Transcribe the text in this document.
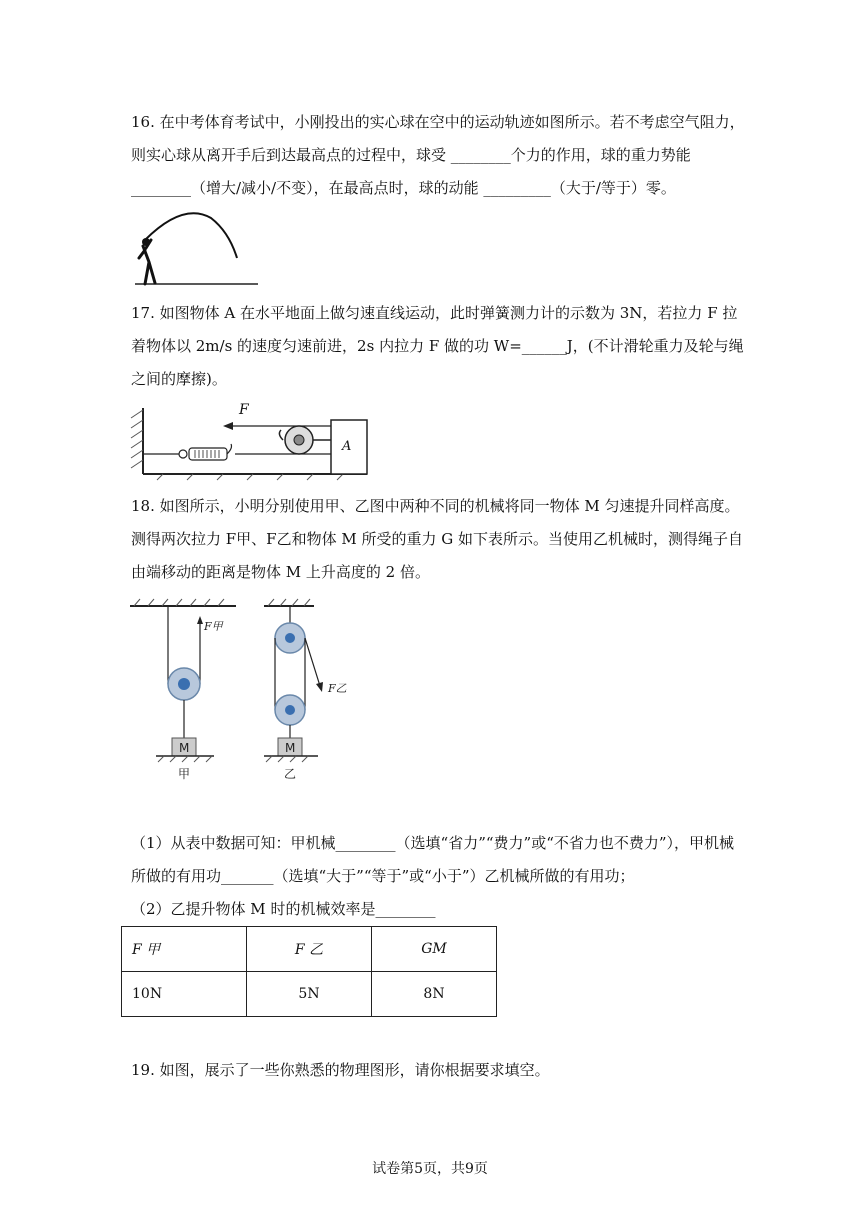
16. 在中考体育考试中，小刚投出的实心球在空中的运动轨迹如图所示。若不考虑空气阻力，
则实心球从离开手后到达最高点的过程中，球受 ________个力的作用，球的重力势能
________（增大/减小/不变），在最高点时，球的动能 _________（大于/等于）零。
17. 如图物体 A 在水平地面上做匀速直线运动，此时弹簧测力计的示数为 3N，若拉力 F 拉
着物体以 2m/s 的速度匀速前进，2s 内拉力 F 做的功 W=______J，(不计滑轮重力及轮与绳
之间的摩擦)。
F
A
18. 如图所示，小明分别使用甲、乙图中两种不同的机械将同一物体 M 匀速提升同样高度。
测得两次拉力 F甲、F乙和物体 M 所受的重力 G 如下表所示。当使用乙机械时，测得绳子自
由端移动的距离是物体 M 上升高度的 2 倍。
M
F甲
甲
M
F乙
乙
（1）从表中数据可知：甲机械________（选填“省力”“费力”或“不省力也不费力”），甲机械
所做的有用功_______（选填“大于”“等于”或“小于”）乙机械所做的有用功；
（2）乙提升物体 M 时的机械效率是________
F 甲	F 乙	GM
10N	5N	8N
19. 如图，展示了一些你熟悉的物理图形，请你根据要求填空。
试卷第5页，共9页
